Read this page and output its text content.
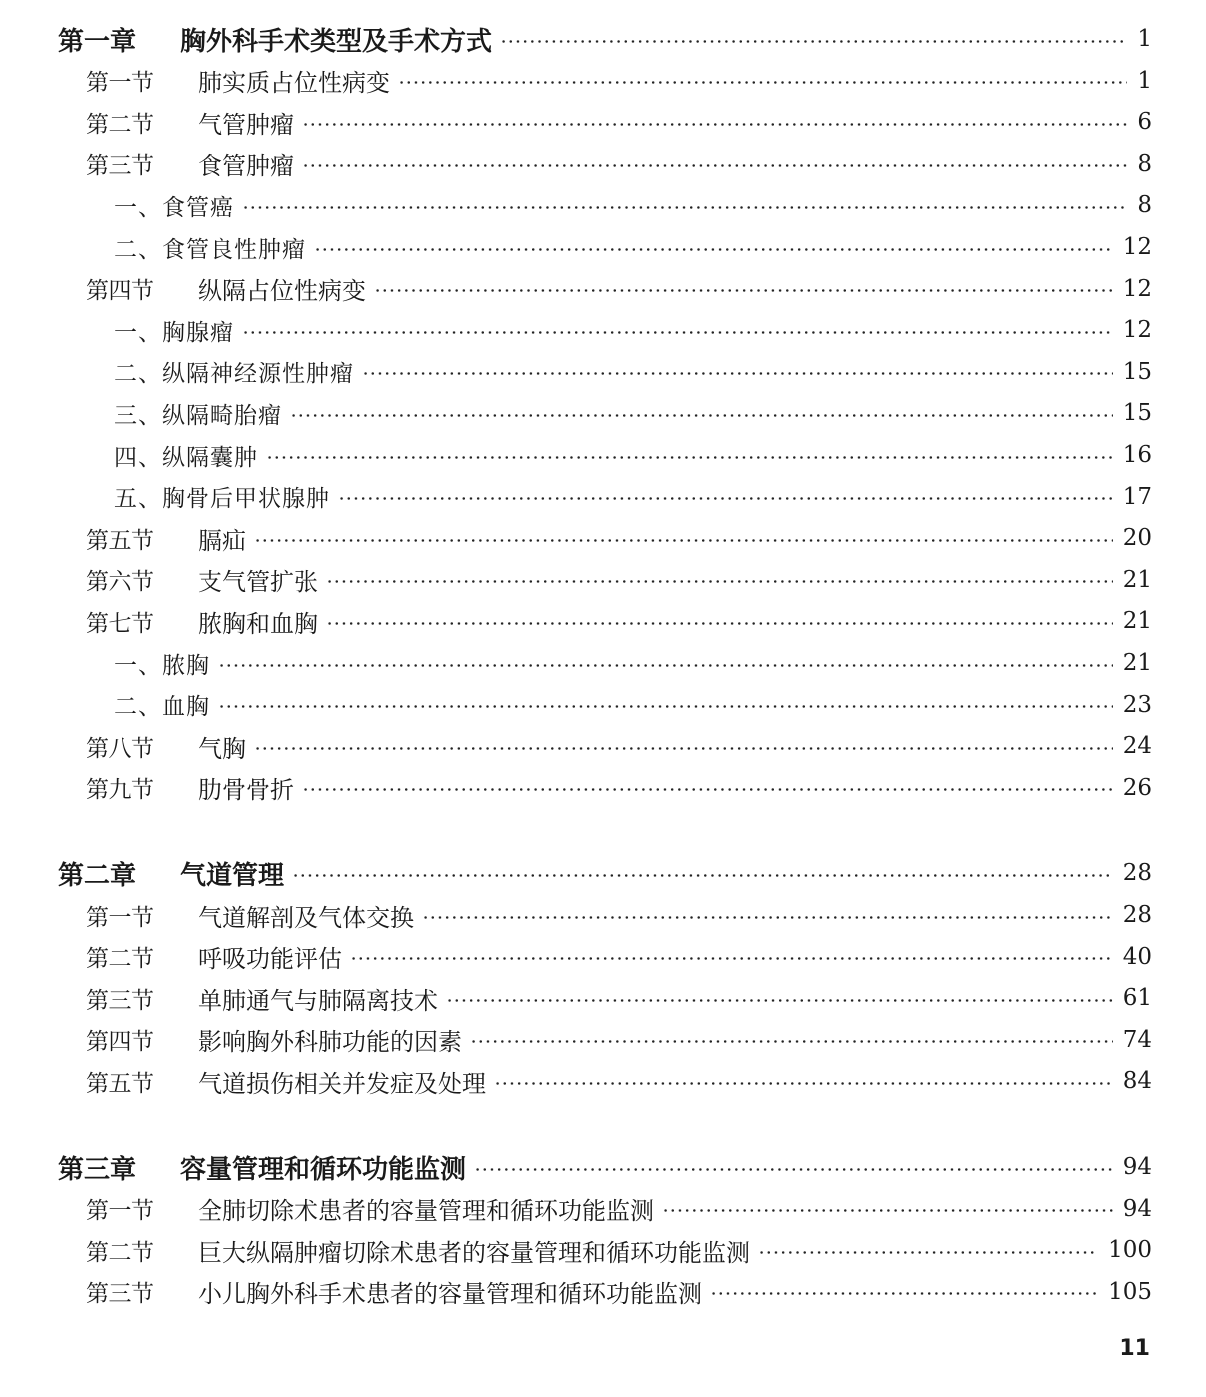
第一章	胸外科手术类型及手术方式	1
第一节	肺实质占位性病变	1
第二节	气管肿瘤	6
第三节	食管肿瘤	8
一、食管癌	8
二、食管良性肿瘤	12
第四节	纵隔占位性病变	12
一、胸腺瘤	12
二、纵隔神经源性肿瘤	15
三、纵隔畸胎瘤	15
四、纵隔囊肿	16
五、胸骨后甲状腺肿	17
第五节	膈疝	20
第六节	支气管扩张	21
第七节	脓胸和血胸	21
一、脓胸	21
二、血胸	23
第八节	气胸	24
第九节	肋骨骨折	26
第二章	气道管理	28
第一节	气道解剖及气体交换	28
第二节	呼吸功能评估	40
第三节	单肺通气与肺隔离技术	61
第四节	影响胸外科肺功能的因素	74
第五节	气道损伤相关并发症及处理	84
第三章	容量管理和循环功能监测	94
第一节	全肺切除术患者的容量管理和循环功能监测	94
第二节	巨大纵隔肿瘤切除术患者的容量管理和循环功能监测	100
第三节	小儿胸外科手术患者的容量管理和循环功能监测	105
11
